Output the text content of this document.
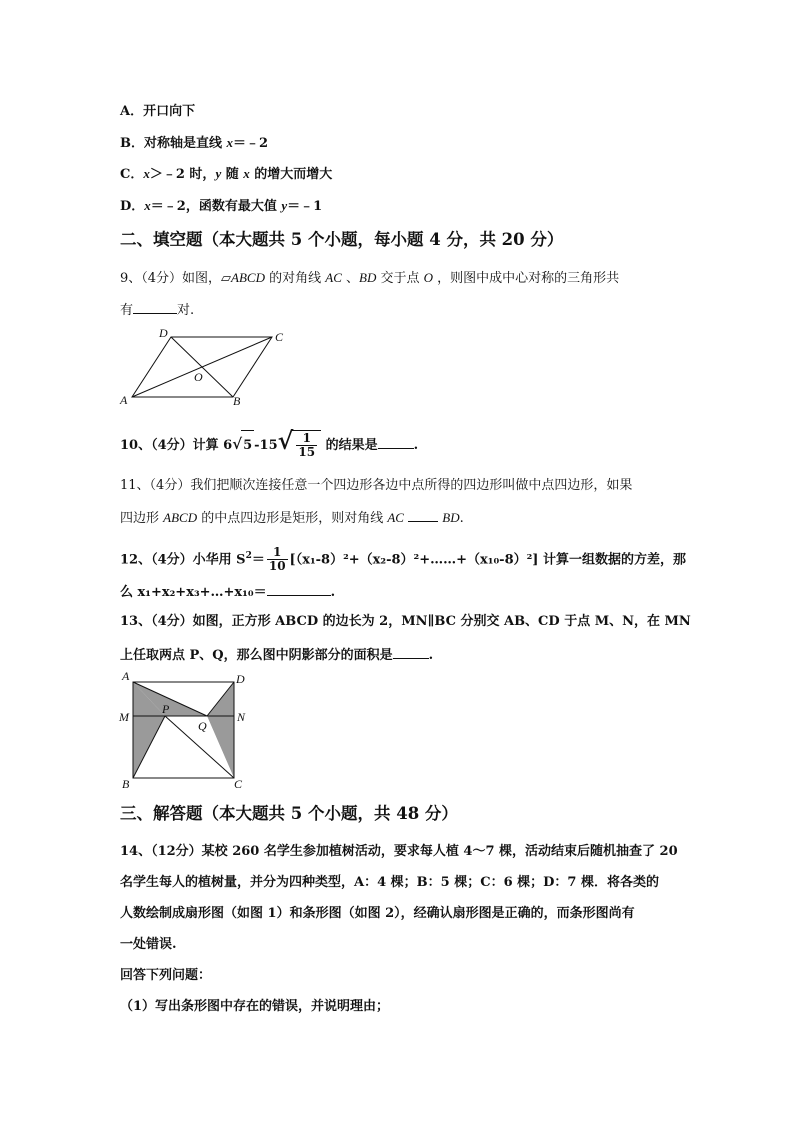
A．开口向下
B．对称轴是直线 x＝﹣2
C．x＞﹣2 时，y 随 x 的增大而增大
D．x＝﹣2，函数有最大值 y＝﹣1
二、填空题（本大题共 5 个小题，每小题 4 分，共 20 分）
9、（4分）如图，▱ABCD 的对角线 AC 、BD 交于点 O ，则图中成中心对称的三角形共
有	对.
A	B
C
D
O
10、（4分）计算 6√5 $-15√ \frac{1}{15}$ 的结果是	.
11、（4分）我们把顺次连接任意一个四边形各边中点所得的四边形叫做中点四边形，如果
四边形 ABCD 的中点四边形是矩形，则对角线 AC	BD.
12、（4分）小华用 $S^2= \frac{1}{10}$ [（x₁-8）²+（x₂-8）²+……+（x₁₀-8）²] 计算一组数据的方差，那
么 x₁+x₂+x₃+…+x₁₀＝	.
13、（4分）如图，正方形 ABCD 的边长为 2，MN∥BC 分别交 AB、CD 于点 M、N，在 MN
上任取两点 P、Q，那么图中阴影部分的面积是	.
A	D
M	N
P
Q
B	C
三、解答题（本大题共 5 个小题，共 48 分）
14、（12分）某校 260 名学生参加植树活动，要求每人植 4～7 棵，活动结束后随机抽查了 20
名学生每人的植树量，并分为四种类型，A：4 棵；B：5 棵；C：6 棵；D：7 棵．将各类的
人数绘制成扇形图（如图 1）和条形图（如图 2），经确认扇形图是正确的，而条形图尚有
一处错误.
回答下列问题：
（1）写出条形图中存在的错误，并说明理由；
